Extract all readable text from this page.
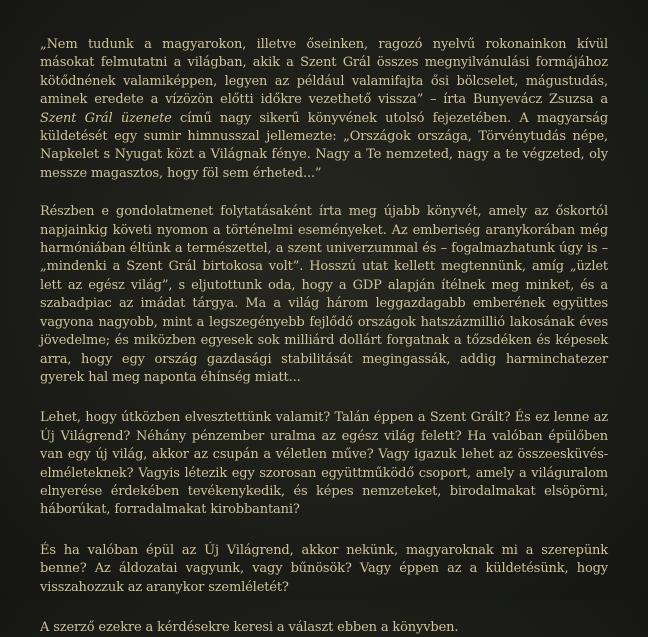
„Nem tudunk a magyarokon, illetve őseinken, ragozó nyelvű rokonainkon kívül másokat felmutatni a világban, akik a Szent Grál összes megnyilvánulási formájához kötődnének valamiképpen, legyen az például valamifajta ősi bölcselet, mágustudás, aminek eredete a vízözön előtti időkre vezethető vissza” – írta Bunyevácz Zsuzsa a Szent Grál üzenete című nagy sikerű könyvének utolsó fejezetében. A magyarság küldetését egy sumir himnusszal jellemezte: „Országok országa, Törvénytudás népe, Napkelet s Nyugat közt a Világnak fénye. Nagy a Te nemzeted, nagy a te végzeted, oly messze magasztos, hogy föl sem érheted...”

Részben e gondolatmenet folytatásaként írta meg újabb könyvét, amely az őskortól napjainkig követi nyomon a történelmi eseményeket. Az emberiség aranykorában még harmóniában éltünk a természettel, a szent univerzummal és – fogalmazhatunk úgy is – „mindenki a Szent Grál birtokosa volt”. Hosszú utat kellett megtennünk, amíg „üzlet lett az egész világ”, s eljutottunk oda, hogy a GDP alapján ítélnek meg minket, és a szabadpiac az imádat tárgya. Ma a világ három leggazdagabb emberének együttes vagyona nagyobb, mint a legszegényebb fejlődő országok hatszázmillió lakosának éves jövedelme; és miközben egyesek sok milliárd dollárt forgatnak a tőzsdéken és képesek arra, hogy egy ország gazdasági stabilitását megingassák, addig harminchatezer gyerek hal meg naponta éhínség miatt...

Lehet, hogy útközben elvesztettünk valamit? Talán éppen a Szent Grált? És ez lenne az Új Világrend? Néhány pénzember uralma az egész világ felett? Ha valóban épülőben van egy új világ, akkor az csupán a véletlen műve? Vagy igazuk lehet az összeesküvés-elméleteknek? Vagyis létezik egy szorosan együttműködő csoport, amely a világuralom elnyerése érdekében tevékenykedik, és képes nemzeteket, birodalmakat elsöpörni, háborúkat, forradalmakat kirobbantani?

És ha valóban épül az Új Világrend, akkor nekünk, magyaroknak mi a szerepünk benne? Az áldozatai vagyunk, vagy bűnösök? Vagy éppen az a küldetésünk, hogy visszahozzuk az aranykor szemléletét?

A szerző ezekre a kérdésekre keresi a választ ebben a könyvben.
